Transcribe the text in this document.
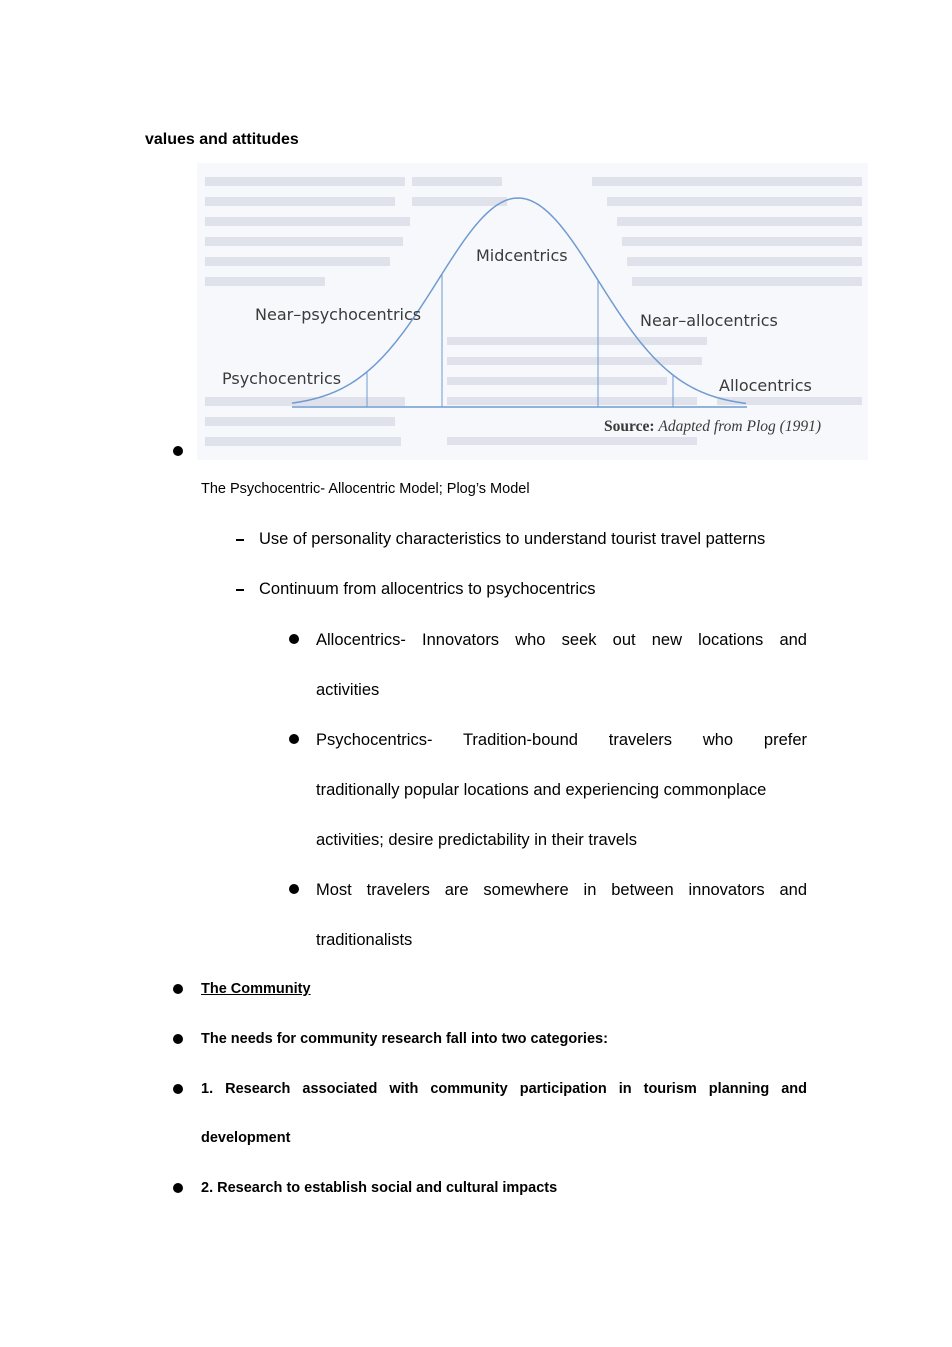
values and attitudes
Midcentrics
Near–psychocentrics	Near–allocentrics
Psychocentrics	Allocentrics
Source: Adapted from Plog (1991)
The Psychocentric- Allocentric Model; Plog’s Model
Use of personality characteristics to understand tourist travel patterns
Continuum from allocentrics to psychocentrics
Allocentrics- Innovators who seek out new locations and
activities
Psychocentrics- Tradition-bound travelers who prefer
traditionally popular locations and experiencing commonplace
activities; desire predictability in their travels
Most travelers are somewhere in between innovators and
traditionalists
The Community
The needs for community research fall into two categories:
1. Research associated with community participation in tourism planning and
development
2. Research to establish social and cultural impacts
